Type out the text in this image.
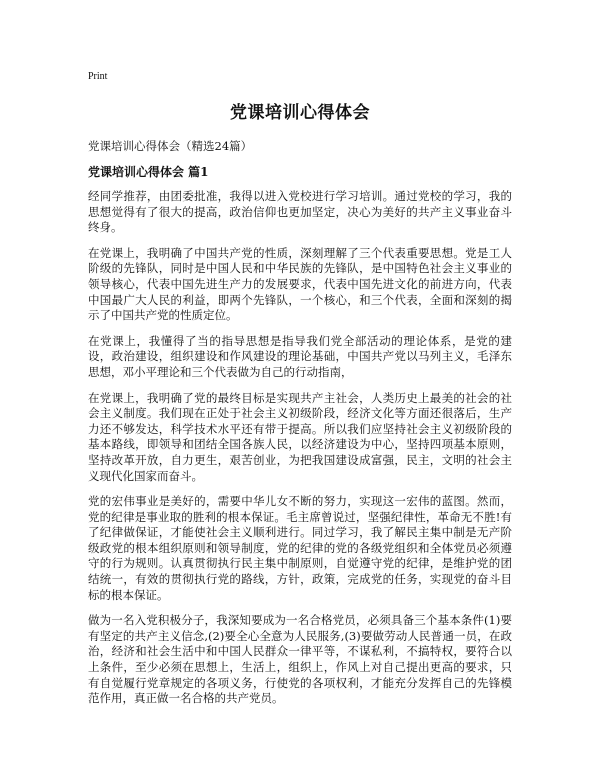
Print
党课培训心得体会
党课培训心得体会（精选24篇）
党课培训心得体会 篇1

经同学推荐，由团委批准，我得以进入党校进行学习培训。通过党校的学习，我的思想觉得有了很大的提高，政治信仰也更加坚定，决心为美好的共产主义事业奋斗终身。

在党课上，我明确了中国共产党的性质，深刻理解了三个代表重要思想。党是工人阶级的先锋队，同时是中国人民和中华民族的先锋队，是中国特色社会主义事业的领导核心，代表中国先进生产力的发展要求，代表中国先进文化的前进方向，代表中国最广大人民的利益，即两个先锋队，一个核心，和三个代表，全面和深刻的揭示了中国共产党的性质定位。

在党课上，我懂得了当的指导思想是指导我们党全部活动的理论体系，是党的建设，政治建设，组织建设和作风建设的理论基础，中国共产党以马列主义，毛泽东思想，邓小平理论和三个代表做为自己的行动指南，

在党课上，我明确了党的最终目标是实现共产主社会，人类历史上最美的社会的社会主义制度。我们现在正处于社会主义初级阶段，经济文化等方面还很落后，生产力还不够发达，科学技术水平还有带于提高。所以我们应坚持社会主义初级阶段的基本路线，即领导和团结全国各族人民，以经济建设为中心，坚持四项基本原则，坚持改革开放，自力更生，艰苦创业，为把我国建设成富强，民主，文明的社会主义现代化国家而奋斗。

党的宏伟事业是美好的，需要中华儿女不断的努力，实现这一宏伟的蓝图。然而，党的纪律是事业取的胜利的根本保证。毛主席曾说过，坚强纪律性，革命无不胜!有了纪律做保证，才能使社会主义顺利进行。同过学习，我了解民主集中制是无产阶级政党的根本组织原则和领导制度，党的纪律的党的各级党组织和全体党员必须遵守的行为规则。认真贯彻执行民主集中制原则，自觉遵守党的纪律，是维护党的团结统一，有效的贯彻执行党的路线，方针，政策，完成党的任务，实现党的奋斗目标的根本保证。

做为一名入党积极分子，我深知要成为一名合格党员，必须具备三个基本条件(1)要有坚定的共产主义信念,(2)要全心全意为人民服务,(3)要做劳动人民普通一员，在政治，经济和社会生活中和中国人民群众一律平等，不谋私利，不搞特权，要符合以上条件，至少必须在思想上，生活上，组织上，作风上对自己提出更高的要求，只有自觉履行党章规定的各项义务，行使党的各项权利，才能充分发挥自己的先锋模范作用，真正做一名合格的共产党员。
